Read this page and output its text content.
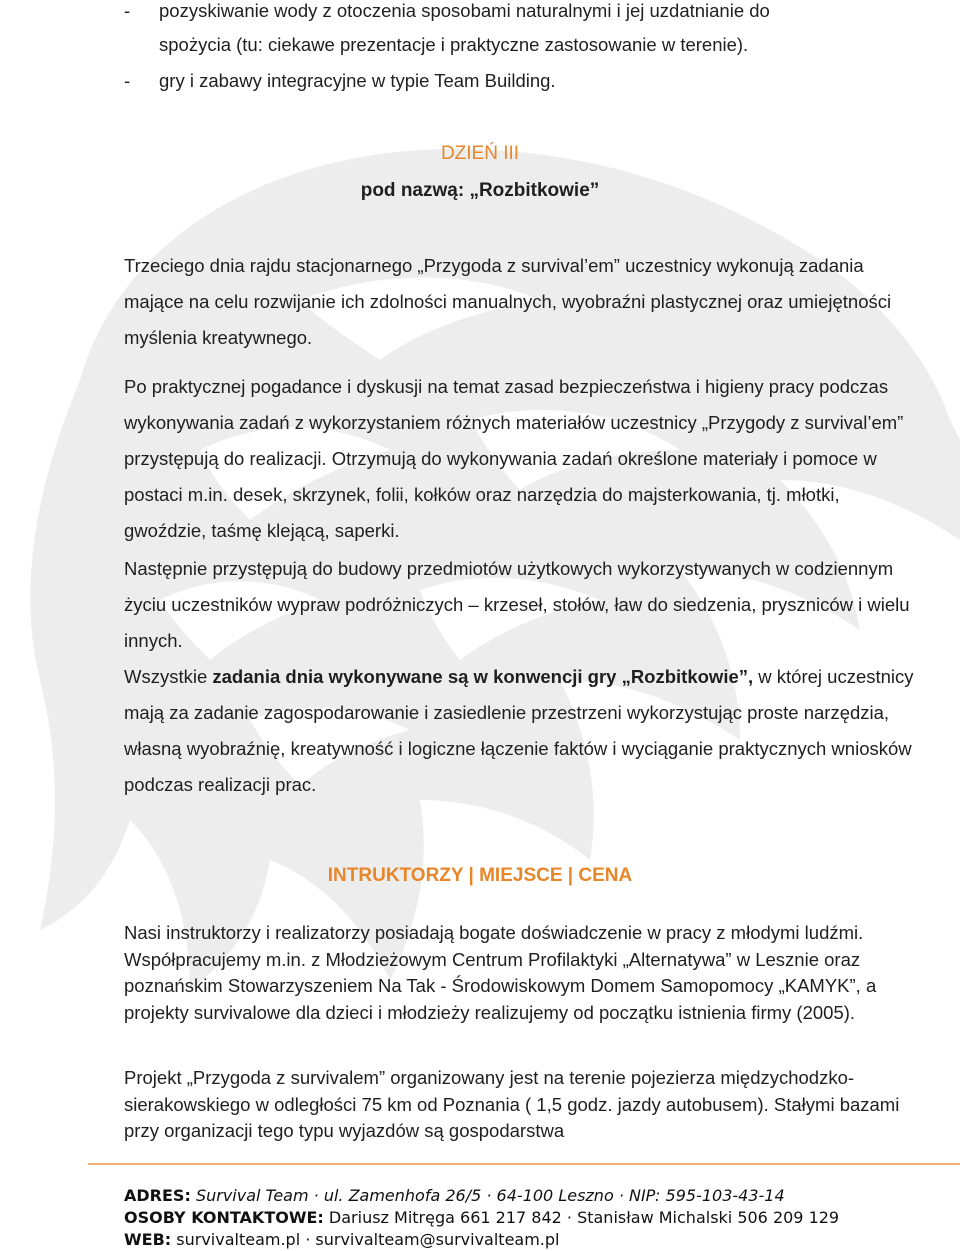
- pozyskiwanie wody z otoczenia sposobami naturalnymi i jej uzdatnianie do
spożycia (tu: ciekawe prezentacje i praktyczne zastosowanie w terenie).
- gry i zabawy integracyjne w typie Team Building.
DZIEŃ III
pod nazwą: „Rozbitkowie”
Trzeciego dnia rajdu stacjonarnego „Przygoda z survival’em” uczestnicy wykonują zadania mające na celu rozwijanie ich zdolności manualnych, wyobraźni plastycznej oraz umiejętności myślenia kreatywnego.
Po praktycznej pogadance i dyskusji na temat zasad bezpieczeństwa i higieny pracy podczas wykonywania zadań z wykorzystaniem różnych materiałów uczestnicy „Przygody z survival’em” przystępują do realizacji. Otrzymują do wykonywania zadań określone materiały i pomoce w postaci m.in. desek, skrzynek, folii, kołków oraz narzędzia do majsterkowania, tj. młotki, gwoździe, taśmę klejącą, saperki.
Następnie przystępują do budowy przedmiotów użytkowych wykorzystywanych w codziennym życiu uczestników wypraw podróżniczych – krzeseł, stołów, ław do siedzenia, pryszniców i wielu innych.
Wszystkie zadania dnia wykonywane są w konwencji gry „Rozbitkowie”, w której uczestnicy mają za zadanie zagospodarowanie i zasiedlenie przestrzeni wykorzystując proste narzędzia, własną wyobraźnię, kreatywność i logiczne łączenie faktów i wyciąganie praktycznych wniosków podczas realizacji prac.
INTRUKTORZY | MIEJSCE | CENA
Nasi instruktorzy i realizatorzy posiadają bogate doświadczenie w pracy z młodymi ludźmi. Współpracujemy m.in. z Młodzieżowym Centrum Profilaktyki „Alternatywa” w Lesznie oraz poznańskim Stowarzyszeniem Na Tak - Środowiskowym Domem Samopomocy „KAMYK”, a projekty survivalowe dla dzieci i młodzieży realizujemy od początku istnienia firmy (2005).
Projekt „Przygoda z survivalem” organizowany jest na terenie pojezierza międzychodzko-sierakowskiego w odległości 75 km od Poznania ( 1,5 godz. jazdy autobusem). Stałymi bazami przy organizacji tego typu wyjazdów są gospodarstwa
ADRES: Survival Team · ul. Zamenhofa 26/5 · 64-100 Leszno · NIP: 595-103-43-14
OSOBY KONTAKTOWE: Dariusz Mitręga 661 217 842 · Stanisław Michalski 506 209 129
WEB: survivalteam.pl · survivalteam@survivalteam.pl
